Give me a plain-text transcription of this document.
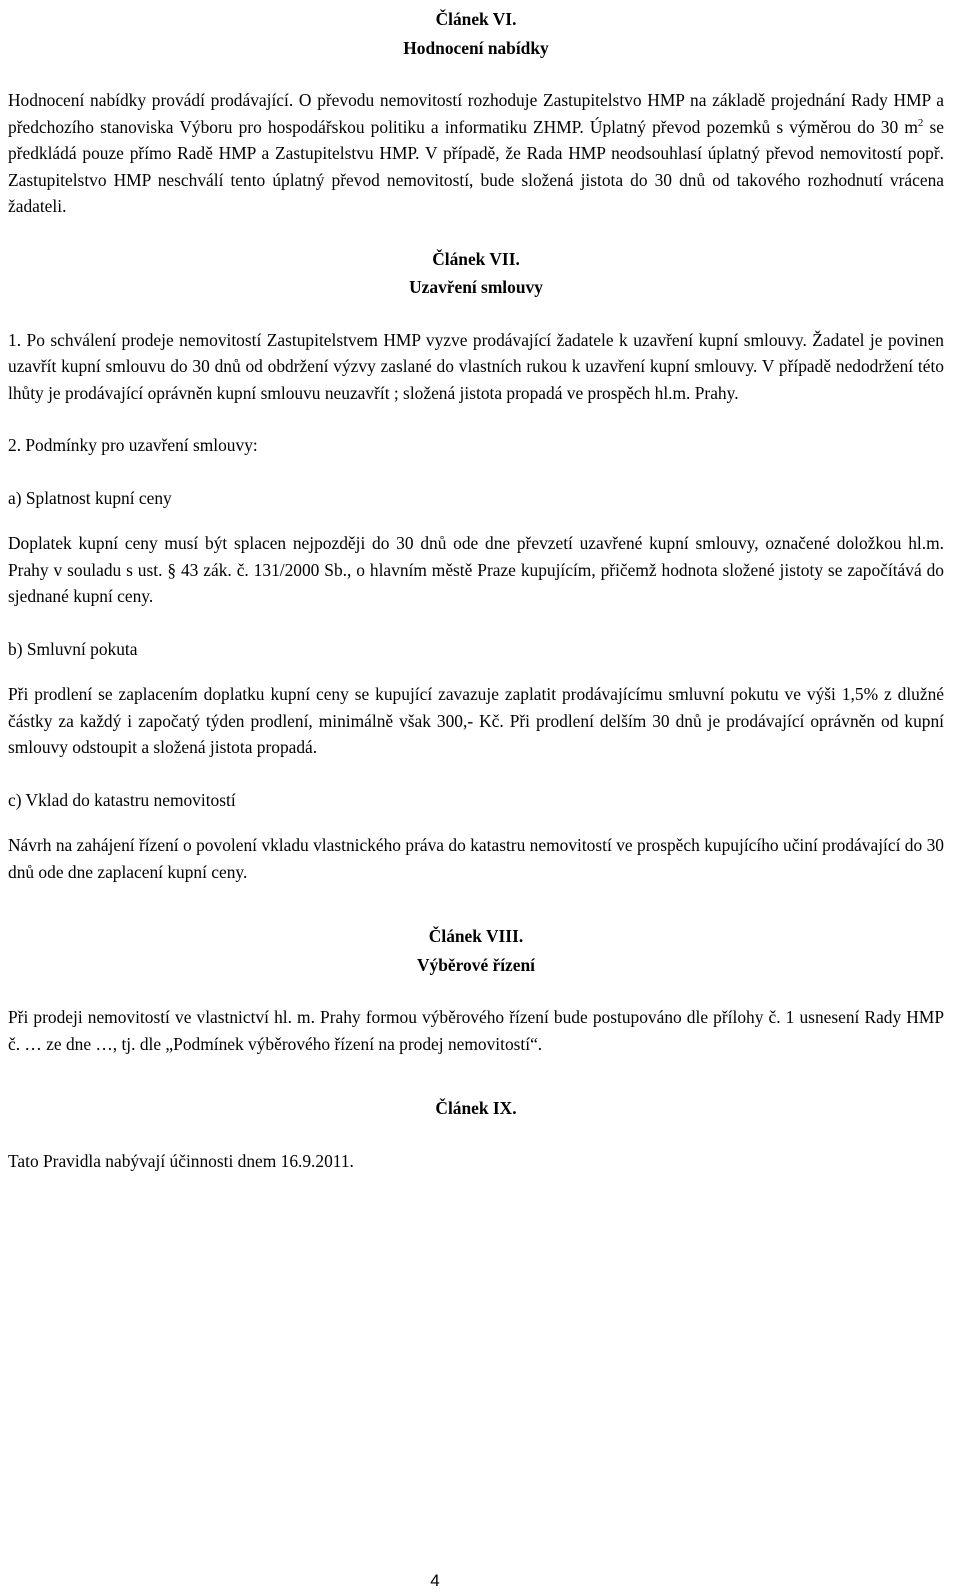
Článek VI.
Hodnocení nabídky

Hodnocení nabídky provádí prodávající. O převodu nemovitostí rozhoduje Zastupitelstvo HMP na základě projednání Rady HMP a předchozího stanoviska Výboru pro hospodářskou politiku a informatiku ZHMP. Úplatný převod pozemků s výměrou do 30 $m^2$ se předkládá pouze přímo Radě HMP a Zastupitelstvu HMP. V případě, že Rada HMP neodsouhlasí úplatný převod nemovitostí popř. Zastupitelstvo HMP neschválí tento úplatný převod nemovitostí, bude složená jistota do 30 dnů od takového rozhodnutí vrácena žadateli.

Článek VII.
Uzavření smlouvy

1. Po schválení prodeje nemovitostí Zastupitelstvem HMP vyzve prodávající žadatele k uzavření kupní smlouvy. Žadatel je povinen uzavřít kupní smlouvu do 30 dnů od obdržení výzvy zaslané do vlastních rukou k uzavření kupní smlouvy. V případě nedodržení této lhůty je prodávající oprávněn kupní smlouvu neuzavřít ; složená jistota propadá ve prospěch hl.m. Prahy.

2. Podmínky pro uzavření smlouvy:

a) Splatnost kupní ceny

Doplatek kupní ceny musí být splacen nejpozději do 30 dnů ode dne převzetí uzavřené kupní smlouvy, označené doložkou hl.m. Prahy v souladu s ust. § 43 zák. č. 131/2000 Sb., o hlavním městě Praze kupujícím, přičemž hodnota složené jistoty se započítává do sjednané kupní ceny.

b) Smluvní pokuta

Při prodlení se zaplacením doplatku kupní ceny se kupující zavazuje zaplatit prodávajícímu smluvní pokutu ve výši 1,5% z dlužné částky za každý i započatý týden prodlení, minimálně však 300,- Kč. Při prodlení delším 30 dnů je prodávající oprávněn od kupní smlouvy odstoupit a složená jistota propadá.

c) Vklad do katastru nemovitostí

Návrh na zahájení řízení o povolení vkladu vlastnického práva do katastru nemovitostí ve prospěch kupujícího učiní prodávající do 30 dnů ode dne zaplacení kupní ceny.

Článek VIII.
Výběrové řízení

Při prodeji nemovitostí ve vlastnictví hl. m. Prahy formou výběrového řízení bude postupováno dle přílohy č. 1 usnesení Rady HMP č. … ze dne …, tj. dle „Podmínek výběrového řízení na prodej nemovitostí“.

Článek IX.

Tato Pravidla nabývají účinnosti dnem 16.9.2011.

4
